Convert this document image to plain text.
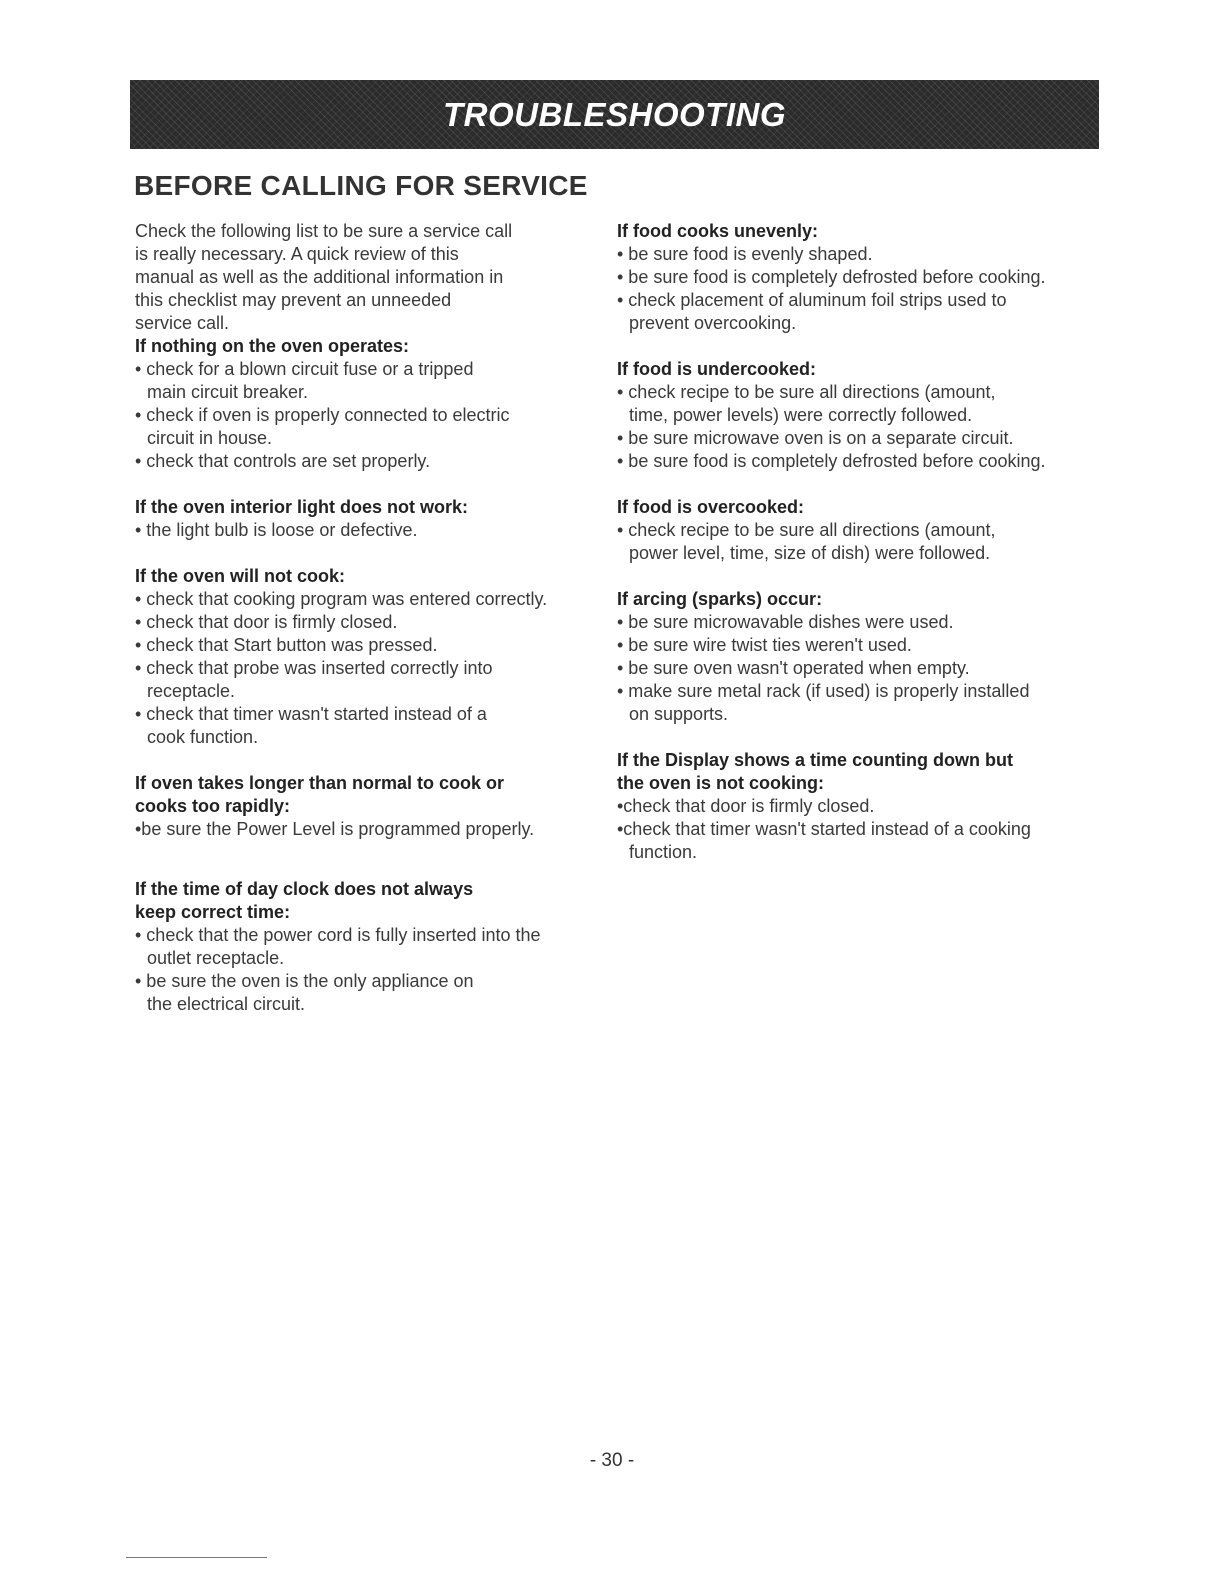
TROUBLESHOOTING
BEFORE CALLING FOR SERVICE

Check the following list to be sure a service call
is really necessary. A quick review of this
manual as well as the additional information in
this checklist may prevent an unneeded
service call.

If nothing on the oven operates:

• check for a blown circuit fuse or a tripped
main circuit breaker.

• check if oven is properly connected to electric
circuit in house.

• check that controls are set properly.

If the oven interior light does not work:

• the light bulb is loose or defective.

If the oven will not cook:

• check that cooking program was entered correctly.

• check that door is firmly closed.

• check that Start button was pressed.

• check that probe was inserted correctly into
receptacle.

• check that timer wasn't started instead of a
cook function.

If oven takes longer than normal to cook or
cooks too rapidly:

•be sure the Power Level is programmed properly.

If the time of day clock does not always
keep correct time:

• check that the power cord is fully inserted into the
outlet receptacle.

• be sure the oven is the only appliance on
the electrical circuit.

If food cooks unevenly:

• be sure food is evenly shaped.

• be sure food is completely defrosted before cooking.

• check placement of aluminum foil strips used to
prevent overcooking.

If food is undercooked:

• check recipe to be sure all directions (amount,
time, power levels) were correctly followed.

• be sure microwave oven is on a separate circuit.

• be sure food is completely defrosted before cooking.

If food is overcooked:

• check recipe to be sure all directions (amount,
power level, time, size of dish) were followed.

If arcing (sparks) occur:

• be sure microwavable dishes were used.

• be sure wire twist ties weren't used.

• be sure oven wasn't operated when empty.

• make sure metal rack (if used) is properly installed
on supports.

If the Display shows a time counting down but
the oven is not cooking:

•check that door is firmly closed.

•check that timer wasn't started instead of a cooking
function.

- 30 -
